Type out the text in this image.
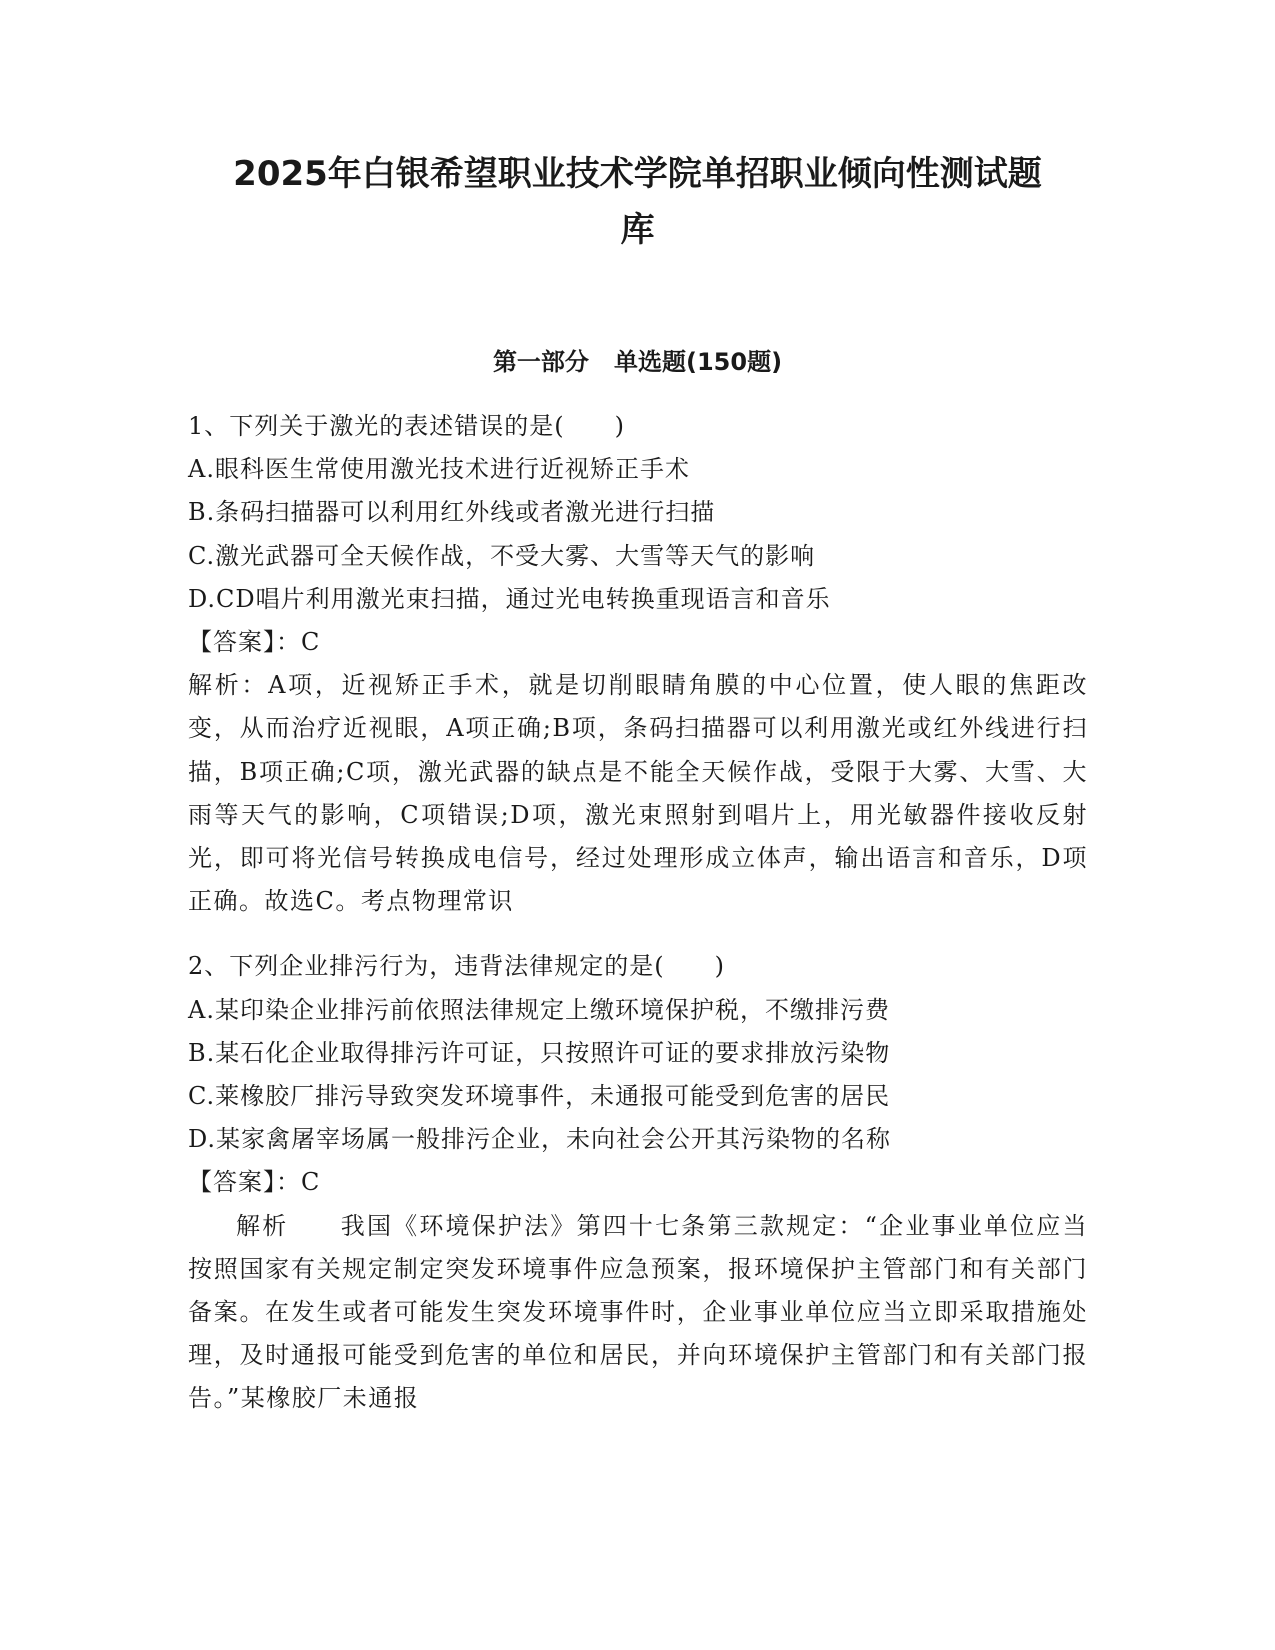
2025年白银希望职业技术学院单招职业倾向性测试题
库
第一部分   单选题(150题)
1、下列关于激光的表述错误的是(　　)
A.眼科医生常使用激光技术进行近视矫正手术
B.条码扫描器可以利用红外线或者激光进行扫描
C.激光武器可全天候作战，不受大雾、大雪等天气的影响
D.CD唱片利用激光束扫描，通过光电转换重现语言和音乐
【答案】：C
解析：A项，近视矫正手术，就是切削眼睛角膜的中心位置，使人眼的焦距改变，从而治疗近视眼，A项正确;B项，条码扫描器可以利用激光或红外线进行扫描，B项正确;C项，激光武器的缺点是不能全天候作战，受限于大雾、大雪、大雨等天气的影响，C项错误;D项，激光束照射到唱片上，用光敏器件接收反射光，即可将光信号转换成电信号，经过处理形成立体声，输出语言和音乐，D项正确。故选C。考点物理常识
2、下列企业排污行为，违背法律规定的是(　　)
A.某印染企业排污前依照法律规定上缴环境保护税，不缴排污费
B.某石化企业取得排污许可证，只按照许可证的要求排放污染物
C.莱橡胶厂排污导致突发环境事件，未通报可能受到危害的居民
D.某家禽屠宰场属一般排污企业，未向社会公开其污染物的名称
【答案】：C
解析　　我国《环境保护法》第四十七条第三款规定：“企业事业单位应当按照国家有关规定制定突发环境事件应急预案，报环境保护主管部门和有关部门备案。在发生或者可能发生突发环境事件时，企业事业单位应当立即采取措施处理，及时通报可能受到危害的单位和居民，并向环境保护主管部门和有关部门报告。”某橡胶厂未通报
